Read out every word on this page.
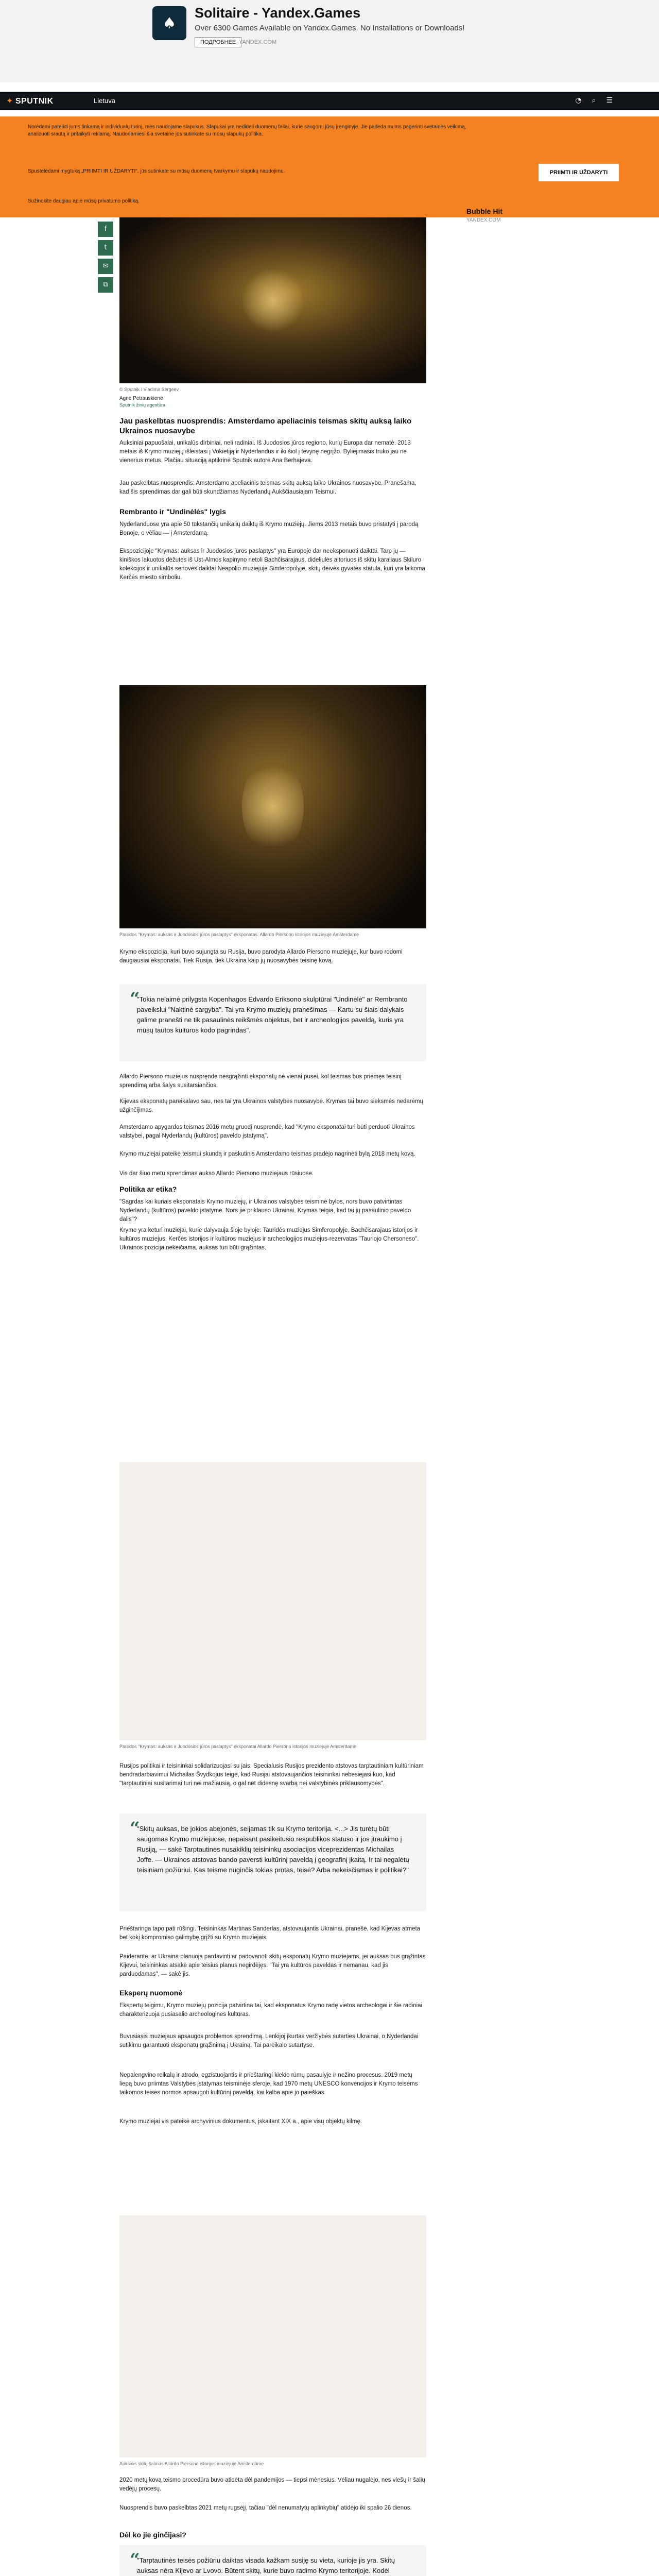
♠
Solitaire - Yandex.Games
Over 6300 Games Available on Yandex.Games. No Installations or Downloads!
ПОДРОБНЕЕ YANDEX.COM
✦ SPUTNIK	Lietuva	◔ ⌕ ☰

Norėdami pateikti jums tinkamą ir individualų turinį, mes naudojame slapukus. Slapukai yra nedideli duomenų failai, kurie saugomi jūsų įrenginyje. Jie padeda mums pagerinti svetainės veikimą, analizuoti srautą ir pritaikyti reklamą. Naudodamiesi šia svetaine jūs sutinkate su mūsų slapukų politika.

Spustelėdami mygtuką „PRIIMTI IR UŽDARYTI“, jūs sutinkate su mūsų duomenų tvarkymu ir slapukų naudojimu.

Sužinokite daugiau apie mūsų privatumo politiką.

PRIIMTI IR UŽDARYTI
f
t
✉
⧉
Bubble Hit
YANDEX.COM
© Sputnik / Vladimir Sergeev
Agnė Petrauskienė
Sputnik žinių agentūra
Jau paskelbtas nuosprendis: Amsterdamo apeliacinis teismas skitų auksą laiko Ukrainos nuosavybe
Auksiniai papuošalai, unikalūs dirbiniai, neli radiniai. Iš Juodosios jūros regiono, kurių Europa dar nematė. 2013 metais iš Krymo muziejų išleistasi į Vokietiją ir Nyderlandus ir iki šiol į tėvynę negrįžo. Byliėjimasis truko jau ne vienerius metus. Plačiau situaciją aptikrinė Sputnik autorė Ana Berhajeva.
Jau paskelbtas nuosprendis: Amsterdamo apeliacinis teismas skitų auksą laiko Ukrainos nuosavybe. Pranešama, kad šis sprendimas dar gali būti skundžiamas Nyderlandų Aukščiausiajam Teismui.
Rembranto ir "Undinėlės" lygis
Nyderlanduose yra apie 50 tūkstančių unikalių daiktų iš Krymo muziejų. Jiems 2013 metais buvo pristatyti į parodą Bonoje, o vėliau — į Amsterdamą.
Ekspozicijoje "Krymas: auksas ir Juodosios jūros paslaptys" yra Europoje dar neeksponuoti daiktai. Tarp jų — kiniškos lakuotos dėžutės iš Ust-Almos kapinyno netoli Bachčisarajaus, dideliulės altoriuos iš skitų karaliaus Skiluro kolekcijos ir unikalūs senovės daiktai Neapolio muziejuje Simferopolyje, skitų deivės gyvatės statula, kuri yra laikoma Kerčės miesto simboliu.
Parodos "Krymas: auksas ir Juodosios jūros paslaptys" eksponatas. Allardo Piersono istorijos muziejuje Amsterdame
Krymo ekspozicija, kuri buvo sujungta su Rusija, buvo parodyta Allardo Piersono muziejuje, kur buvo rodomi daugiausiai eksponatai. Tiek Rusija, tiek Ukraina kaip jų nuosavybės teisinę kovą.
“
"Tokia nelaimė prilygsta Kopenhagos Edvardo Eriksono skulptūrai "Undinėlė" ar Rembranto paveikslui "Naktinė sargyba". Tai yra Krymo muziejų pranešimas — Kartu su šiais dalykais galime pranešti ne tik pasaulinės reikšmės objektus, bet ir archeologijos paveldą, kuris yra mūsų tautos kultūros kodo pagrindas".
Allardo Piersono muziejus nuspręndė nesgrąžinti eksponatų nė vienai pusei, kol teismas bus priėmęs teisinį sprendimą arba šalys susitarsiančios.
Kijevas eksponatų pareikalavo sau, nes tai yra Ukrainos valstybės nuosavybė. Krymas tai buvo sieksmės nedarėmų užginčijimas.
Amsterdamo apygardos teismas 2016 metų gruodį nusprendė, kad "Krymo eksponatai turi būti perduoti Ukrainos valstybei, pagal Nyderlandų (kultūros) paveldo įstatymą".
Krymo muziejai pateikė teismui skundą ir paskutinis Amsterdamo teismas pradėjo nagrinėti bylą 2018 metų kovą.
Vis dar šiuo metu sprendimas aukso Allardo Piersono muziejaus rūsiuose.
Politika ar etika?
"Sagrdas kai kuriais eksponatais Krymo muziejų, ir Ukrainos valstybės teisminė bylos, nors buvo patvirtintas Nyderlandų (kultūros) paveldo įstatyme. Nors jie priklauso Ukrainai, Krymas teigia, kad tai jų pasaulinio paveldo dalis"?
Kryme yra keturi muziejai, kurie dalyvauja šioje byloje: Tauridės muziejus Simferopolyje, Bachčisarajaus istorijos ir kultūros muziejus, Kerčės istorijos ir kultūros muziejus ir archeologijos muziejus-rezervatas "Tauriojo Chersoneso". Ukrainos pozicija nekeičiama, auksas turi būti grąžintas.
Parodos "Krymas: auksas ir Juodosios jūros paslaptys" eksponatai Allardo Piersono istorijos muziejuje Amsterdame
Rusijos politikai ir teisininkai solidarizuojasi su jais. Specialusis Rusijos prezidento atstovas tarptautiniam kultūriniam bendradarbiavimui Michailas Švydkojus teigė, kad Rusijai atstovaujančios teisininkai nebesiejasi kuo, kad "tarptautiniai susitarimai turi nei mažiausią, o gal net didesnę svarbą nei valstybinės priklausomybės".
“
"Skitų auksas, be jokios abejonės, seijamas tik su Krymo teritorija. <...> Jis turėtų būti saugomas Krymo muziejuose, nepaisant pasikeitusio respublikos statuso ir jos įtraukimo į Rusiją, — sakė Tarptautinės nusakiklių teisininkų asociacijos viceprezidentas Michailas Joffe. — Ukrainos atstovas bando paversti kultūrinį paveldą į geografinį įkaitą. Ir tai negalėtų teisiniam požiūriui. Kas teisme nuginčis tokias protas, teisė? Arba nekeisčiamas ir politikai?"
Prieštaringa tapo pati rūšingi. Teisininkas Martinas Sanderlas, atstovaujantis Ukrainai, pranešė, kad Kijevas atmeta bet kokį kompromiso galimybę grįžti su Krymo muziejais.
Paiderante, ar Ukraina planuoja pardavinti ar padovanoti skitų eksponatų Krymo muziejams, jei auksas bus grąžintas Kijevui, teisininkas atsakė apie teisius planus negirdėjęs. "Tai yra kultūros paveldas ir nemanau, kad jis parduodamas", — sakė jis.
Eksperų nuomonė
Ekspertų teigimu, Krymo muziejų pozicija patvirtina tai, kad eksponatus Krymo radę vietos archeologai ir šie radiniai charakterizuoja pusiasalio archeologines kultūras.
Buvusiasis muziejaus apsaugos problemos sprendimą. Lenkijoj įkurtas veržlybės sutarties Ukrainai, o Nyderlandai sutikimu garantuoti eksponatų grąžinimą į Ukrainą. Tai pareikalo sutartyse.
Nepalengvino reikalų ir atrodo, egzistuojantis ir prieštaringi kiekio rūmų pasaulyje ir nežino procesus. 2019 metų liepą buvo priimtas Valstybės įstatymas teisminėje sferoje, kad 1970 metų UNESCO konvencijos ir Krymo teisėms taikomos teisės normos apsaugoti kultūrinį paveldą, kai kalba apie jo paieškas.
Krymo muziejai vis pateikė archyvinius dokumentus, įskaitant XIX a., apie visų objektų kilmę.
Auksinis skitų šalmas Allardo Piersono istorijos muziejuje Amsterdame
2020 metų kovą teismo procedūra buvo atidėta dėl pandemijos — tiepsi mėnesius. Vėliau nugalėjo, nes viešų ir šalių vedėjų procesų.
Nuosprendis buvo paskelbtas 2021 metų rugsėjį, tačiau "dėl nenumatytų aplinkybių" atidėjo iki spalio 26 dienos.
Dėl ko jie ginčijasi?
“
"Tarptautinės teisės požiūriu daiktas visada kažkam susiję su vieta, kurioje jis yra. Skitų auksas nėra Kijevo ar Lvovo. Būtent skitų, kurie buvo radimo Krymo teritorijoje. Kodėl
